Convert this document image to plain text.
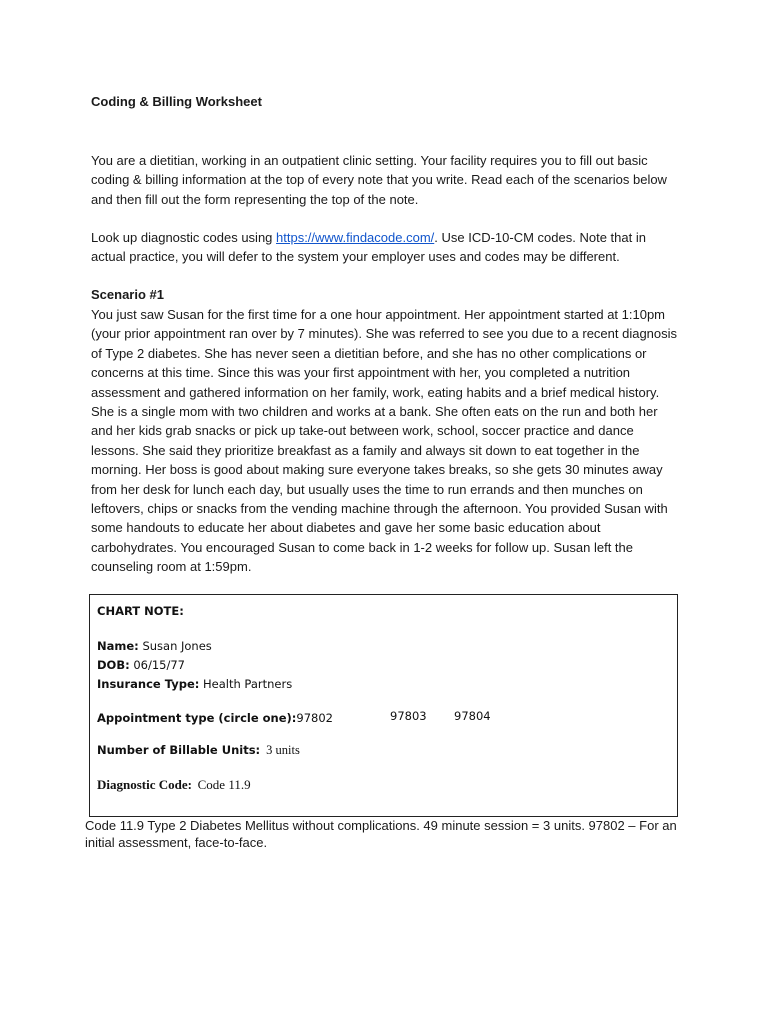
Coding & Billing Worksheet

You are a dietitian, working in an outpatient clinic setting. Your facility requires you to fill out basic coding & billing information at the top of every note that you write. Read each of the scenarios below and then fill out the form representing the top of the note.

Look up diagnostic codes using https://www.findacode.com/. Use ICD-10-CM codes. Note that in actual practice, you will defer to the system your employer uses and codes may be different.

Scenario #1

You just saw Susan for the first time for a one hour appointment. Her appointment started at 1:10pm (your prior appointment ran over by 7 minutes). She was referred to see you due to a recent diagnosis of Type 2 diabetes. She has never seen a dietitian before, and she has no other complications or concerns at this time. Since this was your first appointment with her, you completed a nutrition assessment and gathered information on her family, work, eating habits and a brief medical history. She is a single mom with two children and works at a bank. She often eats on the run and both her and her kids grab snacks or pick up take-out between work, school, soccer practice and dance lessons. She said they prioritize breakfast as a family and always sit down to eat together in the morning. Her boss is good about making sure everyone takes breaks, so she gets 30 minutes away from her desk for lunch each day, but usually uses the time to run errands and then munches on leftovers, chips or snacks from the vending machine through the afternoon. You provided Susan with some handouts to educate her about diabetes and gave her some basic education about carbohydrates. You encouraged Susan to come back in 1-2 weeks for follow up. Susan left the counseling room at 1:59pm.

CHART NOTE:

Name: Susan Jones

DOB: 06/15/77

Insurance Type: Health Partners

Appointment type (circle one):97802	97803 97804

Number of Billable Units: 3 units

Diagnostic Code: Code 11.9

Code 11.9 Type 2 Diabetes Mellitus without complications. 49 minute session = 3 units. 97802 – For an initial assessment, face-to-face.
